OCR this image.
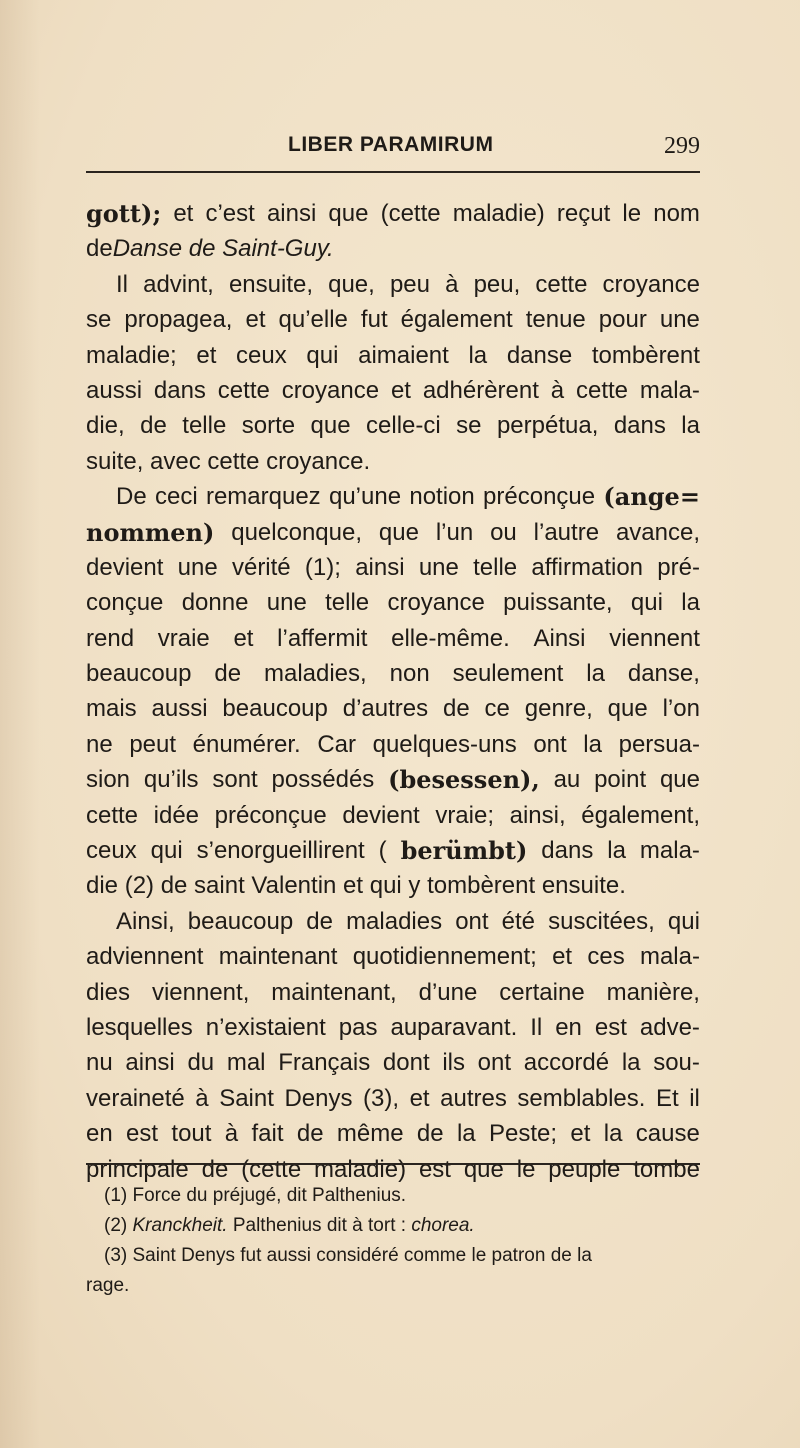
LIBER PARAMIRUM	299
gott); et c’est ainsi que (cette maladie) reçut le nom
de Danse de Saint-Guy.
Il advint, ensuite, que, peu à peu, cette croyance
se propagea, et qu’elle fut également tenue pour une
maladie; et ceux qui aimaient la danse tombèrent
aussi dans cette croyance et adhérèrent à cette mala-
die, de telle sorte que celle-ci se perpétua, dans la
suite, avec cette croyance.
De ceci remarquez qu’une notion préconçue (ange=
nommen) quelconque, que l’un ou l’autre avance,
devient une vérité (1); ainsi une telle affirmation pré-
conçue donne une telle croyance puissante, qui la
rend vraie et l’affermit elle-même. Ainsi viennent
beaucoup de maladies, non seulement la danse,
mais aussi beaucoup d’autres de ce genre, que l’on
ne peut énumérer. Car quelques-uns ont la persua-
sion qu’ils sont possédés (besessen), au point que
cette idée préconçue devient vraie; ainsi, également,
ceux qui s’enorgueillirent ( berümbt) dans la mala-
die (2) de saint Valentin et qui y tombèrent ensuite.
Ainsi, beaucoup de maladies ont été suscitées, qui
adviennent maintenant quotidiennement; et ces mala-
dies viennent, maintenant, d’une certaine manière,
lesquelles n’existaient pas auparavant. Il en est adve-
nu ainsi du mal Français dont ils ont accordé la sou-
veraineté à Saint Denys (3), et autres semblables. Et il
en est tout à fait de même de la Peste; et la cause
principale de (cette maladie) est que le peuple tombe
(1) Force du préjugé, dit Palthenius.
(2) Kranckheit. Palthenius dit à tort : chorea.
(3) Saint Denys fut aussi considéré comme le patron de la
rage.
